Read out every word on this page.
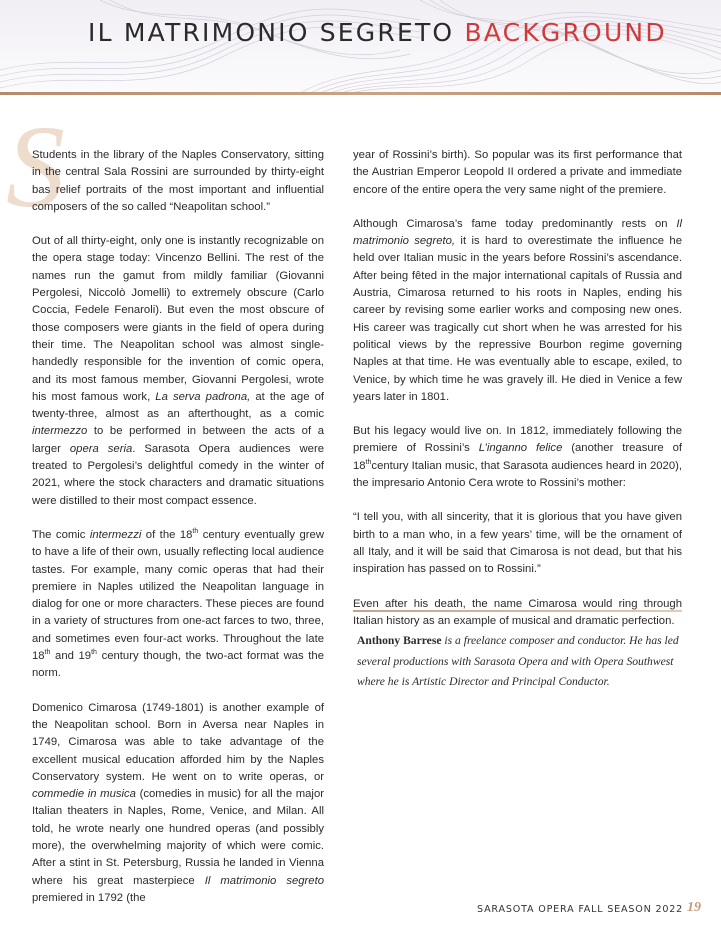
IL MATRIMONIO SEGRETO BACKGROUND
S

Students in the library of the Naples Conservatory, sitting in the central Sala Rossini are surrounded by thirty-eight bas relief portraits of the most important and influential composers of the so called “Neapolitan school.”

Out of all thirty-eight, only one is instantly recognizable on the opera stage today: Vincenzo Bellini. The rest of the names run the gamut from mildly familiar (Giovanni Pergolesi, Niccolò Jomelli) to extremely obscure (Carlo Coccia, Fedele Fenaroli). But even the most obscure of those composers were giants in the field of opera during their time. The Neapolitan school was almost single-handedly responsible for the invention of comic opera, and its most famous member, Giovanni Pergolesi, wrote his most famous work, La serva padrona, at the age of twenty-three, almost as an afterthought, as a comic intermezzo to be performed in between the acts of a larger opera seria. Sarasota Opera audiences were treated to Pergolesi’s delightful comedy in the winter of 2021, where the stock characters and dramatic situations were distilled to their most compact essence.

The comic intermezzi of the 18th century eventually grew to have a life of their own, usually reflecting local audience tastes. For example, many comic operas that had their premiere in Naples utilized the Neapolitan language in dialog for one or more characters. These pieces are found in a variety of structures from one-act farces to two, three, and sometimes even four-act works. Throughout the late 18th and 19th century though, the two-act format was the norm.

Domenico Cimarosa (1749-1801) is another example of the Neapolitan school. Born in Aversa near Naples in 1749, Cimarosa was able to take advantage of the excellent musical education afforded him by the Naples Conservatory system. He went on to write operas, or commedie in musica (comedies in music) for all the major Italian theaters in Naples, Rome, Venice, and Milan. All told, he wrote nearly one hundred operas (and possibly more), the overwhelming majority of which were comic. After a stint in St. Petersburg, Russia he landed in Vienna where his great masterpiece Il matrimonio segreto premiered in 1792 (the

year of Rossini’s birth). So popular was its first performance that the Austrian Emperor Leopold II ordered a private and immediate encore of the entire opera the very same night of the premiere.

Although Cimarosa’s fame today predominantly rests on Il matrimonio segreto, it is hard to overestimate the influence he held over Italian music in the years before Rossini’s ascendance. After being fêted in the major international capitals of Russia and Austria, Cimarosa returned to his roots in Naples, ending his career by revising some earlier works and composing new ones. His career was tragically cut short when he was arrested for his political views by the repressive Bourbon regime governing Naples at that time. He was eventually able to escape, exiled, to Venice, by which time he was gravely ill. He died in Venice a few years later in 1801.

But his legacy would live on. In 1812, immediately following the premiere of Rossini’s L’inganno felice (another treasure of 18thcentury Italian music, that Sarasota audiences heard in 2020), the impresario Antonio Cera wrote to Rossini’s mother:

“I tell you, with all sincerity, that it is glorious that you have given birth to a man who, in a few years’ time, will be the ornament of all Italy, and it will be said that Cimarosa is not dead, but that his inspiration has passed on to Rossini.”

Even after his death, the name Cimarosa would ring through Italian history as an example of musical and dramatic perfection.

Anthony Barrese is a freelance composer and conductor. He has led several productions with Sarasota Opera and with Opera Southwest where he is Artistic Director and Principal Conductor.
SARASOTA OPERA FALL SEASON 2022 19
